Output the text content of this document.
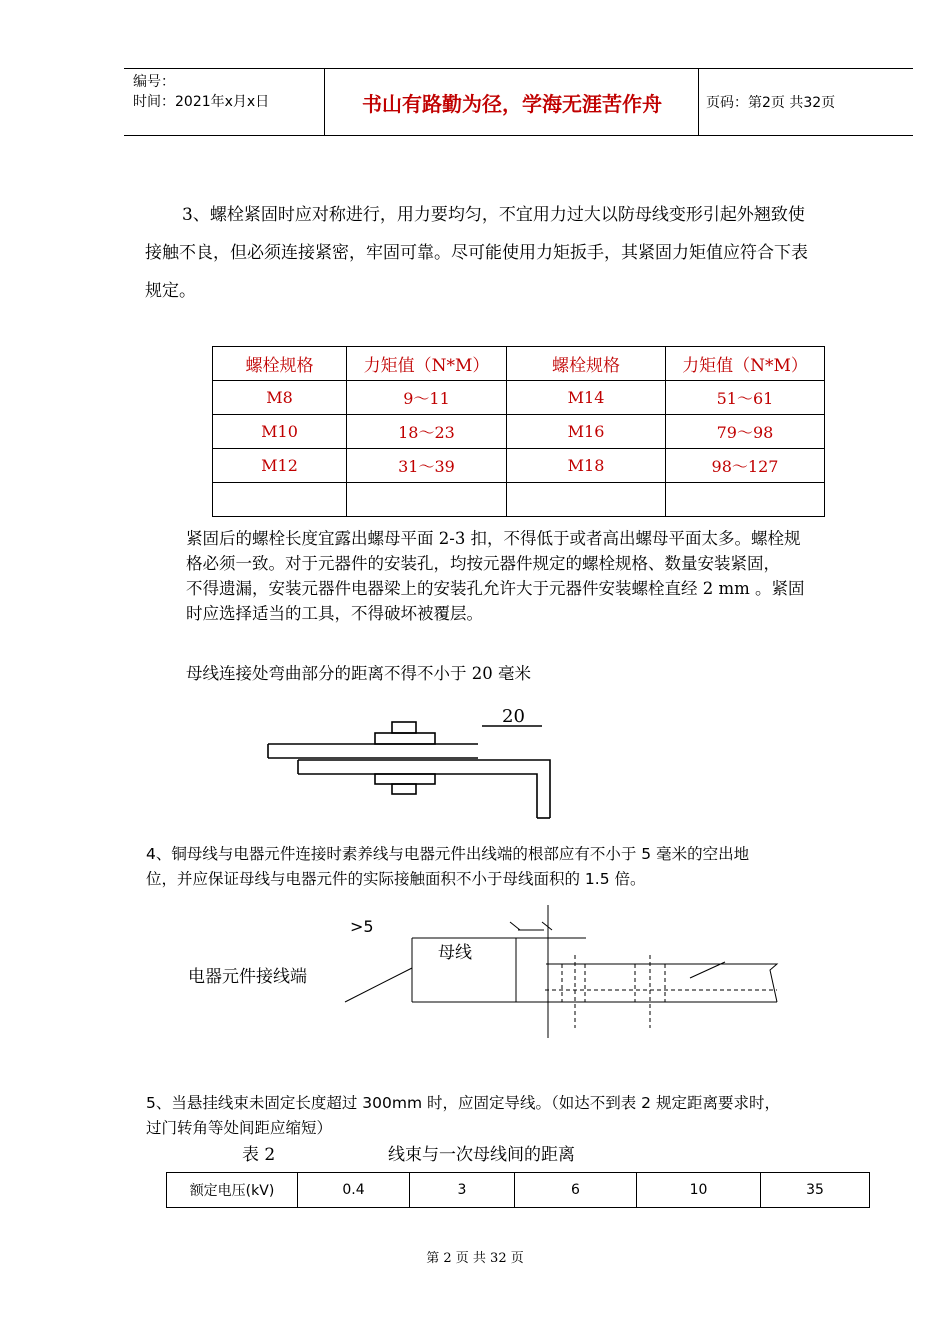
编号：
时间：2021年x月x日	书山有路勤为径，学海无涯苦作舟	页码：第2页 共32页
3、螺栓紧固时应对称进行，用力要均匀，不宜用力过大以防母线变形引起外翘致使
接触不良，但必须连接紧密，牢固可靠。尽可能使用力矩扳手，其紧固力矩值应符合下表
规定。
螺栓规格	力矩值（N*M）	螺栓规格	力矩值（N*M）
M8	9～11	M14	51～61
M10	18～23	M16	79～98
M12	31～39	M18	98～127

紧固后的螺栓长度宜露出螺母平面 2-3 扣，不得低于或者高出螺母平面太多。螺栓规
格必须一致。对于元器件的安装孔，均按元器件规定的螺栓规格、数量安装紧固，
不得遗漏，安装元器件电器梁上的安装孔允许大于元器件安装螺栓直经 2 mm 。紧固
时应选择适当的工具，不得破坏被覆层。
母线连接处弯曲部分的距离不得不小于 20 毫米
20
4、铜母线与电器元件连接时素养线与电器元件出线端的根部应有不小于 5 毫米的空出地
位，并应保证母线与电器元件的实际接触面积不小于母线面积的 1.5 倍。
>5
母线
电器元件接线端
5、当悬挂线束未固定长度超过 300mm 时，应固定导线。（如达不到表 2 规定距离要求时，
过门转角等处间距应缩短）
表 2	线束与一次母线间的距离
额定电压(kV)	0.4	3	6	10	35
第 2 页 共 32 页
